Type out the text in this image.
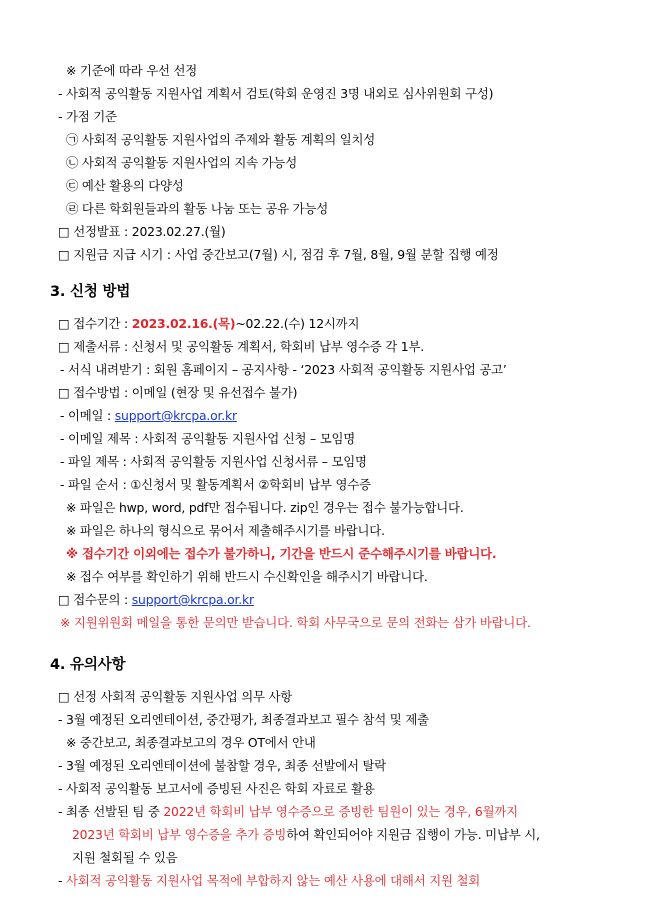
※ 기준에 따라 우선 선정
- 사회적 공익활동 지원사업 계획서 검토(학회 운영진 3명 내외로 심사위원회 구성)
- 가점 기준
㉠ 사회적 공익활동 지원사업의 주제와 활동 계획의 일치성
㉡ 사회적 공익활동 지원사업의 지속 가능성
㉢ 예산 활용의 다양성
㉣ 다른 학회원들과의 활동 나눔 또는 공유 가능성
□ 선정발표 : 2023.02.27.(월)
□ 지원금 지급 시기 : 사업 중간보고(7월) 시, 점검 후 7월, 8월, 9월 분할 집행 예정
3. 신청 방법
□ 접수기간 : 2023.02.16.(목)~02.22.(수) 12시까지
□ 제출서류 : 신청서 및 공익활동 계획서, 학회비 납부 영수증 각 1부.
- 서식 내려받기 : 회원 홈페이지 – 공지사항 - ‘2023 사회적 공익활동 지원사업 공고’
□ 접수방법 : 이메일 (현장 및 유선접수 불가)
- 이메일 : support@krcpa.or.kr
- 이메일 제목 : 사회적 공익활동 지원사업 신청 – 모임명
- 파일 제목 : 사회적 공익활동 지원사업 신청서류 – 모임명
- 파일 순서 : ①신청서 및 활동계획서 ②학회비 납부 영수증
※ 파일은 hwp, word, pdf만 접수됩니다. zip인 경우는 접수 불가능합니다.
※ 파일은 하나의 형식으로 묶어서 제출해주시기를 바랍니다.
※ 접수기간 이외에는 접수가 불가하니, 기간을 반드시 준수해주시기를 바랍니다.
※ 접수 여부를 확인하기 위해 반드시 수신확인을 해주시기 바랍니다.
□ 접수문의 : support@krcpa.or.kr
※ 지원위원회 메일을 통한 문의만 받습니다. 학회 사무국으로 문의 전화는 삼가 바랍니다.
4. 유의사항
□ 선정 사회적 공익활동 지원사업 의무 사항
- 3월 예정된 오리엔테이션, 중간평가, 최종결과보고 필수 참석 및 제출
※ 중간보고, 최종결과보고의 경우 OT에서 안내
- 3월 예정된 오리엔테이션에 불참할 경우, 최종 선발에서 탈락
- 사회적 공익활동 보고서에 증빙된 사진은 학회 자료로 활용
- 최종 선발된 팀 중 2022년 학회비 납부 영수증으로 증빙한 팀원이 있는 경우, 6월까지
2023년 학회비 납부 영수증을 추가 증빙하여 확인되어야 지원금 집행이 가능. 미납부 시,
지원 철회될 수 있음
- 사회적 공익활동 지원사업 목적에 부합하지 않는 예산 사용에 대해서 지원 철회
